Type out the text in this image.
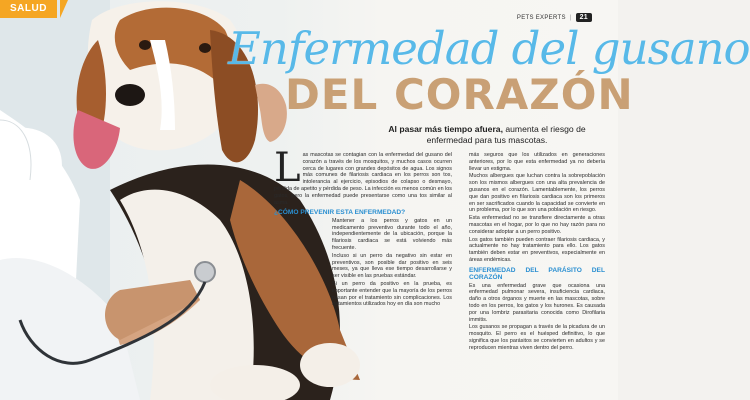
SALUD
PETS EXPERTS |	21
Enfermedad del gusano
DEL CORAZÓN
Al pasar más tiempo afuera, aumenta el riesgo de enfermedad para tus mascotas.

Las mascotas se contagian con la enfermedad del gusano del corazón a través de los mosquitos, y muchos casos ocurren cerca de lugares con grandes depósitos de agua. Los signos más comunes de filariosis cardiaca en los perros son tos, intolerancia al ejercicio, episodios de colapso o desmayo, pérdida de apetito y pérdida de peso. La infección es menos común en los gatos, pero la enfermedad puede presentarse como una tos similar al asma.

¿CÓMO PREVENIR ESTA ENFERMEDAD?

Mantener a los perros y gatos en un medicamento preventivo durante todo el año, independientemente de la ubicación, porque la filariosis cardiaca se está volviendo más frecuente.

Incluso si un perro da negativo sin estar en preventivos, son posible dar positivo en seis meses, ya que lleva ese tiempo desarrollarse y ser visible en las pruebas estándar.

Si un perro da positivo en la prueba, es importante entender que la mayoría de los perros pasan por el tratamiento sin complicaciones. Los tratamientos utilizados hoy en día son mucho

más seguros que los utilizados en generaciones anteriores, por lo que esta enfermedad ya no debería llevar un estigma.

Muchos albergues que luchan contra la sobrepoblación son los mismos albergues con una alta prevalencia de gusanos en el corazón. Lamentablemente, los perros que dan positivo en filariosis cardiaca son los primeros en ser sacrificados cuando la capacidad se convierte en un problema, por lo que son una población en riesgo.

Esta enfermedad no se transfiere directamente a otras mascotas en el hogar, por lo que no hay razón para no considerar adoptar a un perro positivo.

Los gatos también pueden contraer filariosis cardiaca, y actualmente no hay tratamiento para ello. Los gatos también deben estar en preventivos, especialmente en áreas endémicas.

ENFERMEDAD DEL PARÁSITO DEL CORAZÓN

Es una enfermedad grave que ocasiona una enfermedad pulmonar severa, insuficiencia cardiaca, daño a otros órganos y muerte en las mascotas, sobre todo en los perros, los gatos y los hurones. Es causada por una lombriz parasitaria conocida como Dirofilaria immitis.

Los gusanos se propagan a través de la picadura de un mosquito. El perro es el huésped definitivo, lo que significa que los parásitos se convierten en adultos y se reproducen mientras viven dentro del perro.
